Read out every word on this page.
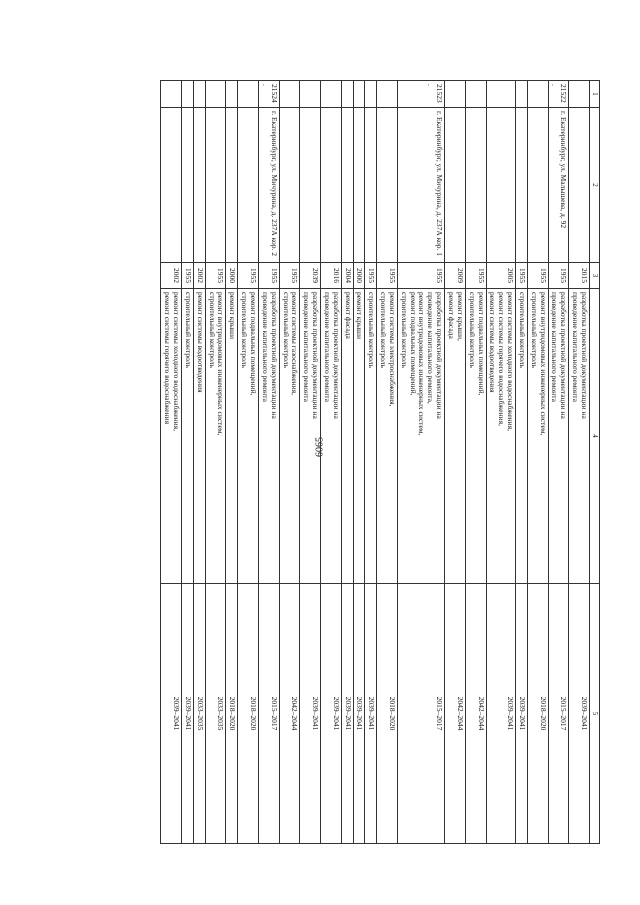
6065
1	2	3	4	5
		2015	разработка проектной документации на
проведение капитального ремонта	2039–2041
21522.	г. Екатеринбург, ул. Малышева, д. 92	1955	разработка проектной документации на
проведение капитального ремонта	2015–2017
		1955	ремонт внутридомовых инженерных систем,
строительный контроль	2018–2020
		1955	строительный контроль	2039–2041
		2005	ремонт системы холодного водоснабжения,
ремонт системы горячего водоснабжения,
ремонт системы водоотведения	2039–2041
		1955	ремонт подвальных помещений,
строительный контроль	2042–2044
		2009	ремонт крыши,
ремонт фасада	2042–2044
21523.	г. Екатеринбург, ул. Мичурина, д. 237А кор. 1	1955	разработка проектной документации на
проведение капитального ремонта,
ремонт внутридомовых инженерных систем,
ремонт подвальных помещений,
строительный контроль	2015–2017
		1955	ремонт системы электроснабжения,
строительный контроль	2018–2020
		1955	строительный контроль	2039–2041
		2000	ремонт крыши	2039–2041
		2004	ремонт фасада	2039–2041
		2016	разработка проектной документации на
проведение капитального ремонта	2039–2041
		2039	разработка проектной документации на
проведение капитального ремонта	2039–2041
		1955	ремонт системы газоснабжения,
строительный контроль	2042–2044
21524.	г. Екатеринбург, ул. Мичурина, д. 237А кор. 2	1955	разработка проектной документации на
проведение капитального ремонта	2015–2017
		1955	ремонт подвальных помещений,
строительный контроль	2018–2020
		2000	ремонт крыши	2018–2020
		1955	ремонт внутридомовых инженерных систем,
строительный контроль	2033–2035
		2002	ремонт системы водоотведения	2033–2035
		1955	строительный контроль	2039–2041
		2002	ремонт системы холодного водоснабжения,
ремонт системы горячего водоснабжения	2039–2041
